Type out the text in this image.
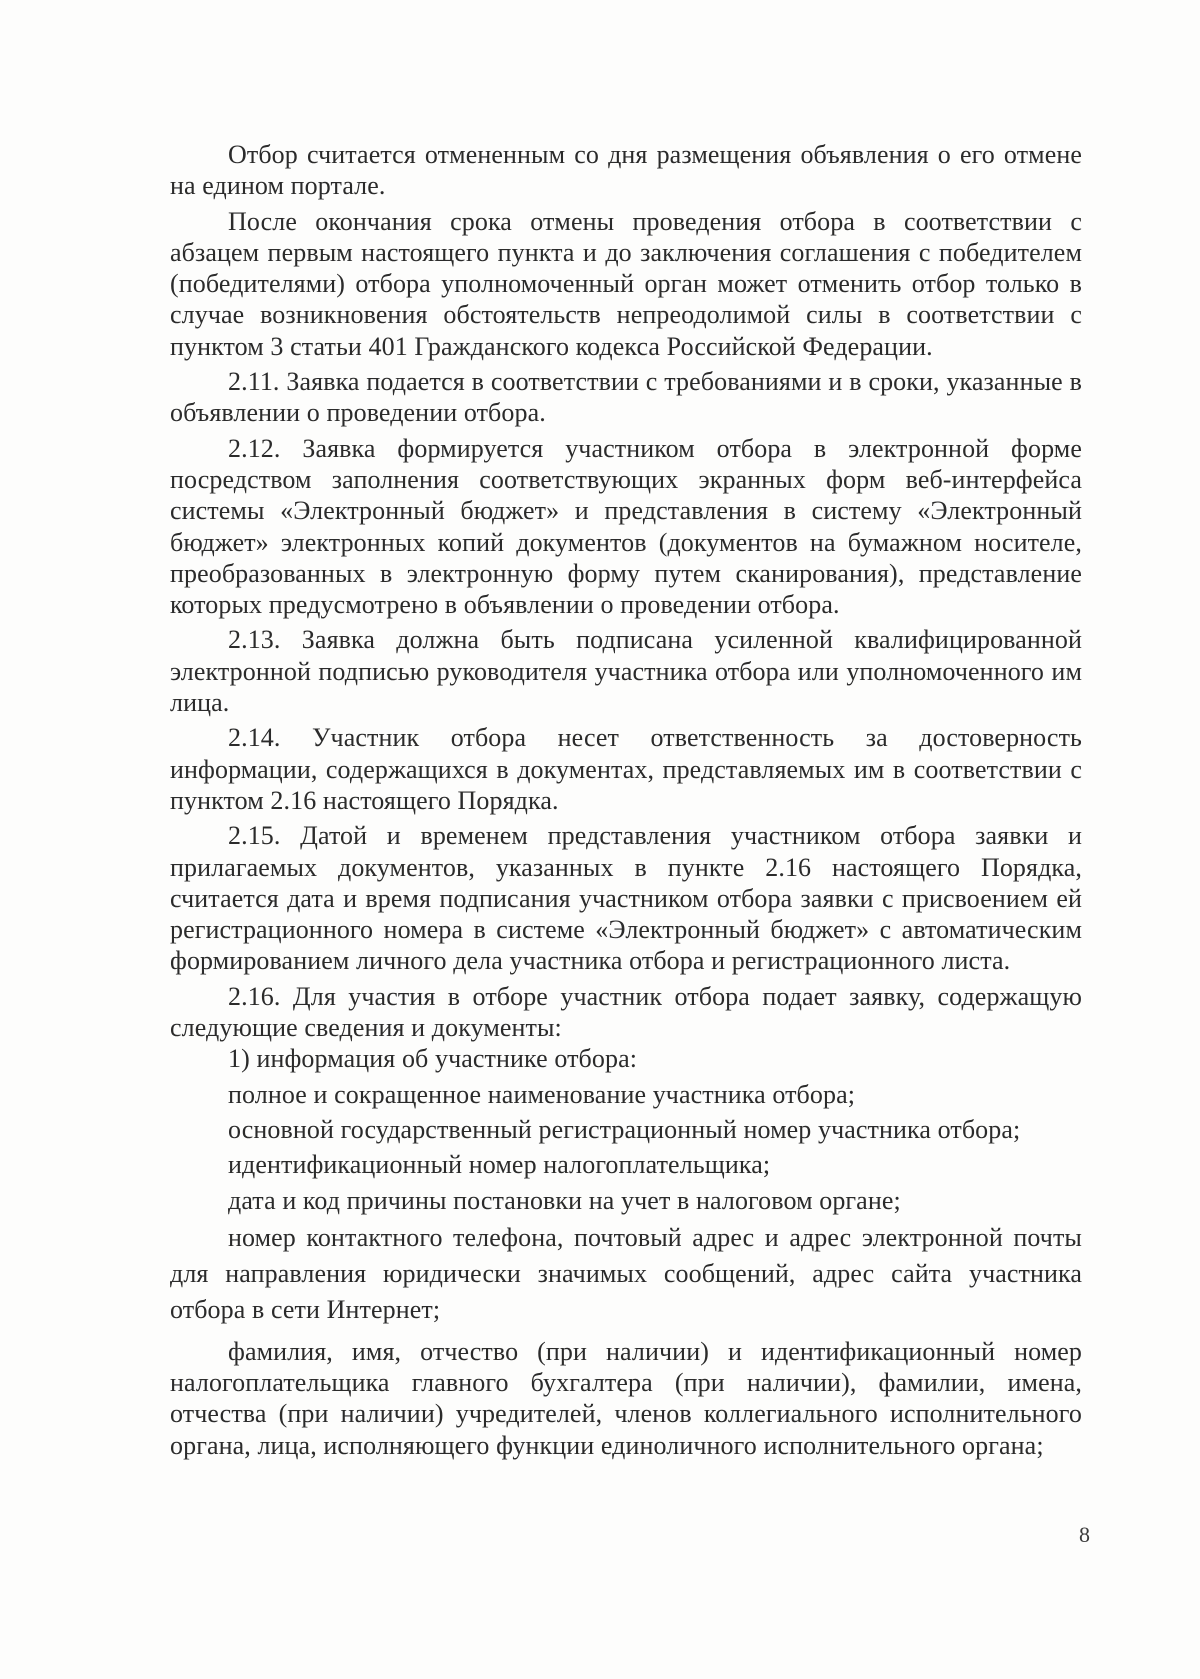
Отбор считается отмененным со дня размещения объявления о его отмене на едином портале.

После окончания срока отмены проведения отбора в соответствии с абзацем первым настоящего пункта и до заключения соглашения с победителем (победителями) отбора уполномоченный орган может отменить отбор только в случае возникновения обстоятельств непреодолимой силы в соответствии с пунктом 3 статьи 401 Гражданского кодекса Российской Федерации.

2.11. Заявка подается в соответствии с требованиями и в сроки, указанные в объявлении о проведении отбора.

2.12. Заявка формируется участником отбора в электронной форме посредством заполнения соответствующих экранных форм веб-интерфейса системы «Электронный бюджет» и представления в систему «Электронный бюджет» электронных копий документов (документов на бумажном носителе, преобразованных в электронную форму путем сканирования), представление которых предусмотрено в объявлении о проведении отбора.

2.13. Заявка должна быть подписана усиленной квалифицированной электронной подписью руководителя участника отбора или уполномоченного им лица.

2.14. Участник отбора несет ответственность за достоверность информации, содержащихся в документах, представляемых им в соответствии с пунктом 2.16 настоящего Порядка.

2.15. Датой и временем представления участником отбора заявки и прилагаемых документов, указанных в пункте 2.16 настоящего Порядка, считается дата и время подписания участником отбора заявки с присвоением ей регистрационного номера в системе «Электронный бюджет» с автоматическим формированием личного дела участника отбора и регистрационного листа.

2.16. Для участия в отборе участник отбора подает заявку, содержащую следующие сведения и документы:

1) информация об участнике отбора:

полное и сокращенное наименование участника отбора;

основной государственный регистрационный номер участника отбора;

идентификационный номер налогоплательщика;

дата и код причины постановки на учет в налоговом органе;

номер контактного телефона, почтовый адрес и адрес электронной почты для направления юридически значимых сообщений, адрес сайта участника отбора в сети Интернет;

фамилия, имя, отчество (при наличии) и идентификационный номер налогоплательщика главного бухгалтера (при наличии), фамилии, имена, отчества (при наличии) учредителей, членов коллегиального исполнительного органа, лица, исполняющего функции единоличного исполнительного органа;

8
